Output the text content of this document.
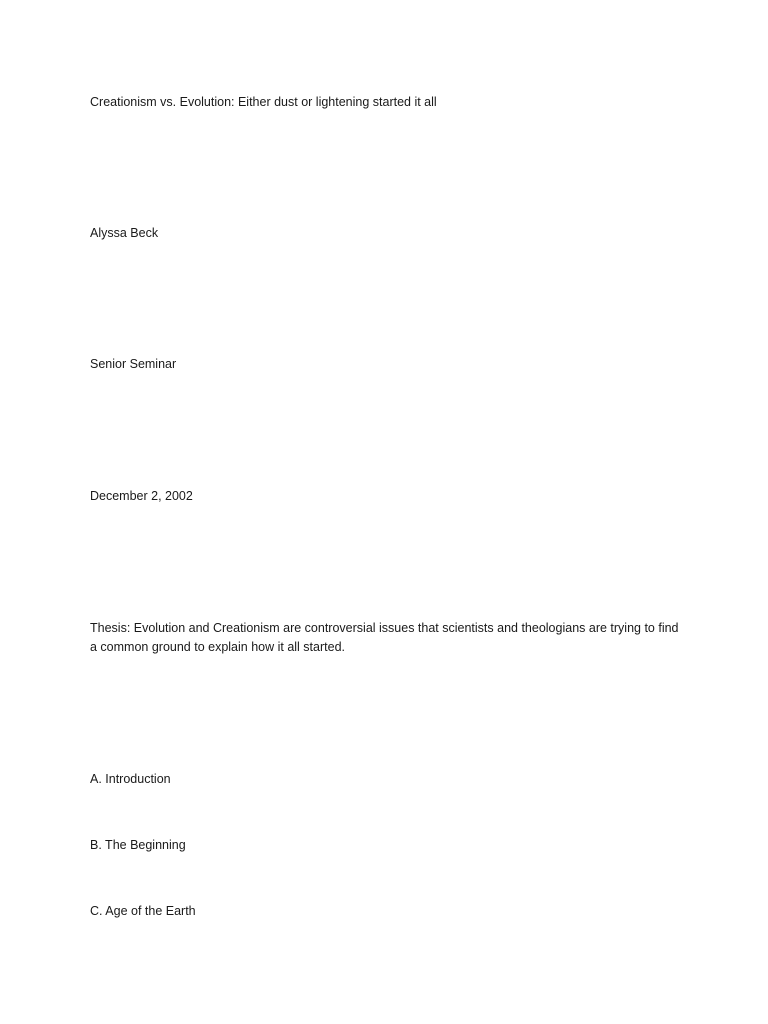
Creationism vs. Evolution: Either dust or lightening started it all
Alyssa Beck
Senior Seminar
December 2, 2002
Thesis: Evolution and Creationism are controversial issues that scientists and theologians are trying to find a common ground to explain how it all started.
A. Introduction
B. The Beginning
C. Age of the Earth
